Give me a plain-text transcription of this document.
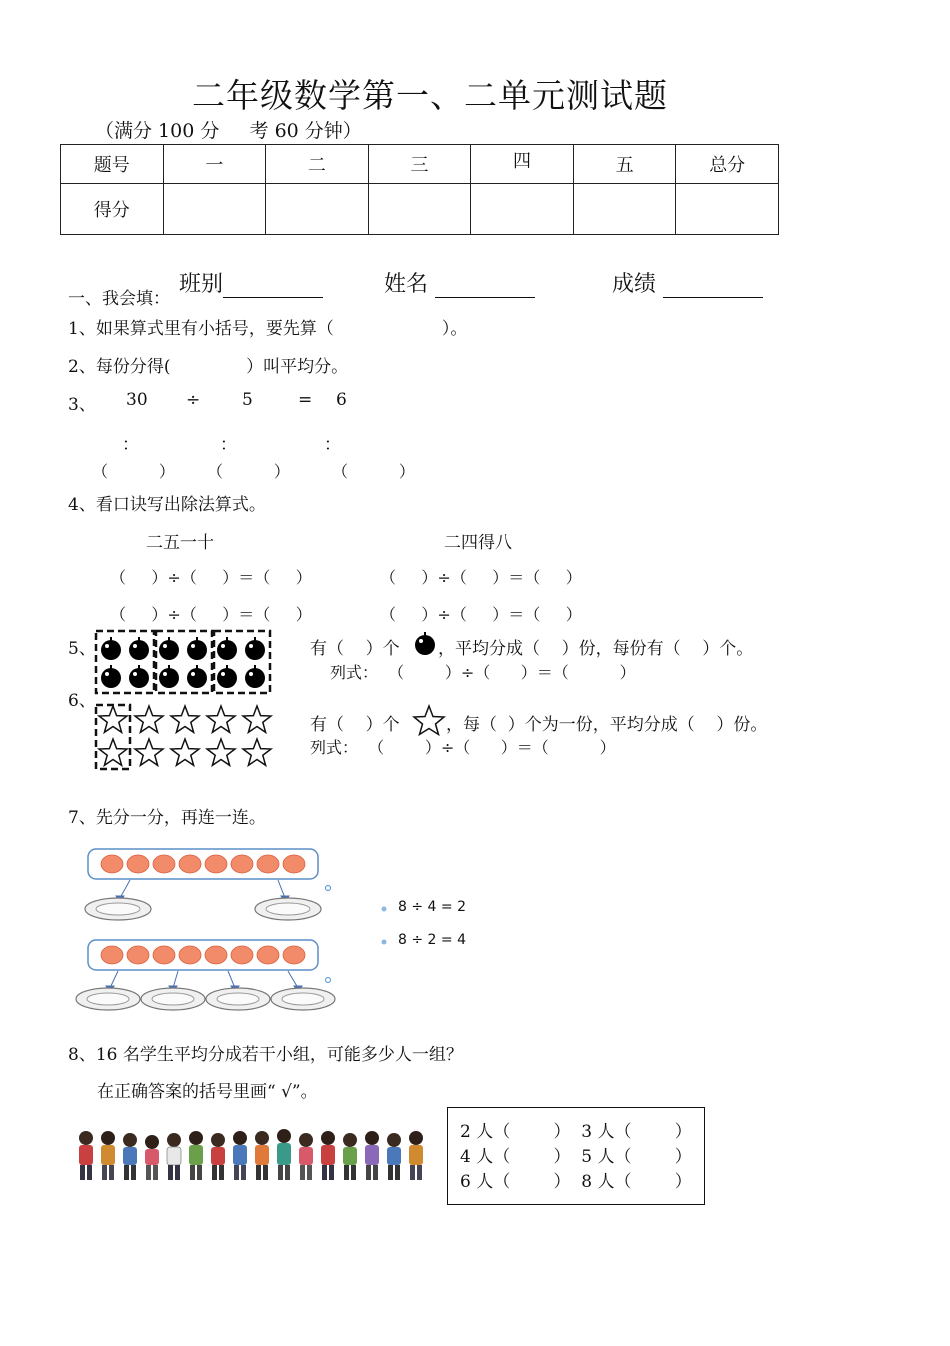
二年级数学第一、二单元测试题
（满分 100 分     考 60 分钟）
题号	一	二	三	四	五	总分
得分						

班别	姓名	成绩

一、我会填：
1、如果算式里有小括号，要先算（                    ）。
2、每份分得(              ）叫平均分。
3、 30 ÷ 5	= 6
：	：	：
（          ） （          ）	（          ）
4、看口诀写出除法算式。
二五一十	二四得八
（     ）÷（     ）＝（     ）	（     ）÷（     ）＝（     ）
（     ）÷（     ）＝（     ）	（     ）÷（     ）＝（     ）
5、	有（    ）个 ，平均分成（    ）份，每份有（    ）个。
列式：  （        ）÷（      ）＝（          ）
6、
有（    ）个	，每（  ）个为一份，平均分成（    ）份。
列式：  （        ）÷（      ）＝（          ）
7、先分一分，再连一连。
8 ÷ 4 = 2
8 ÷ 2 = 4
8、16 名学生平均分成若干小组，可能多少人一组？
在正确答案的括号里画“ √”。
2 人（        ） 3 人（        ）
4 人（        ） 5 人（        ）
6 人（        ） 8 人（        ）
